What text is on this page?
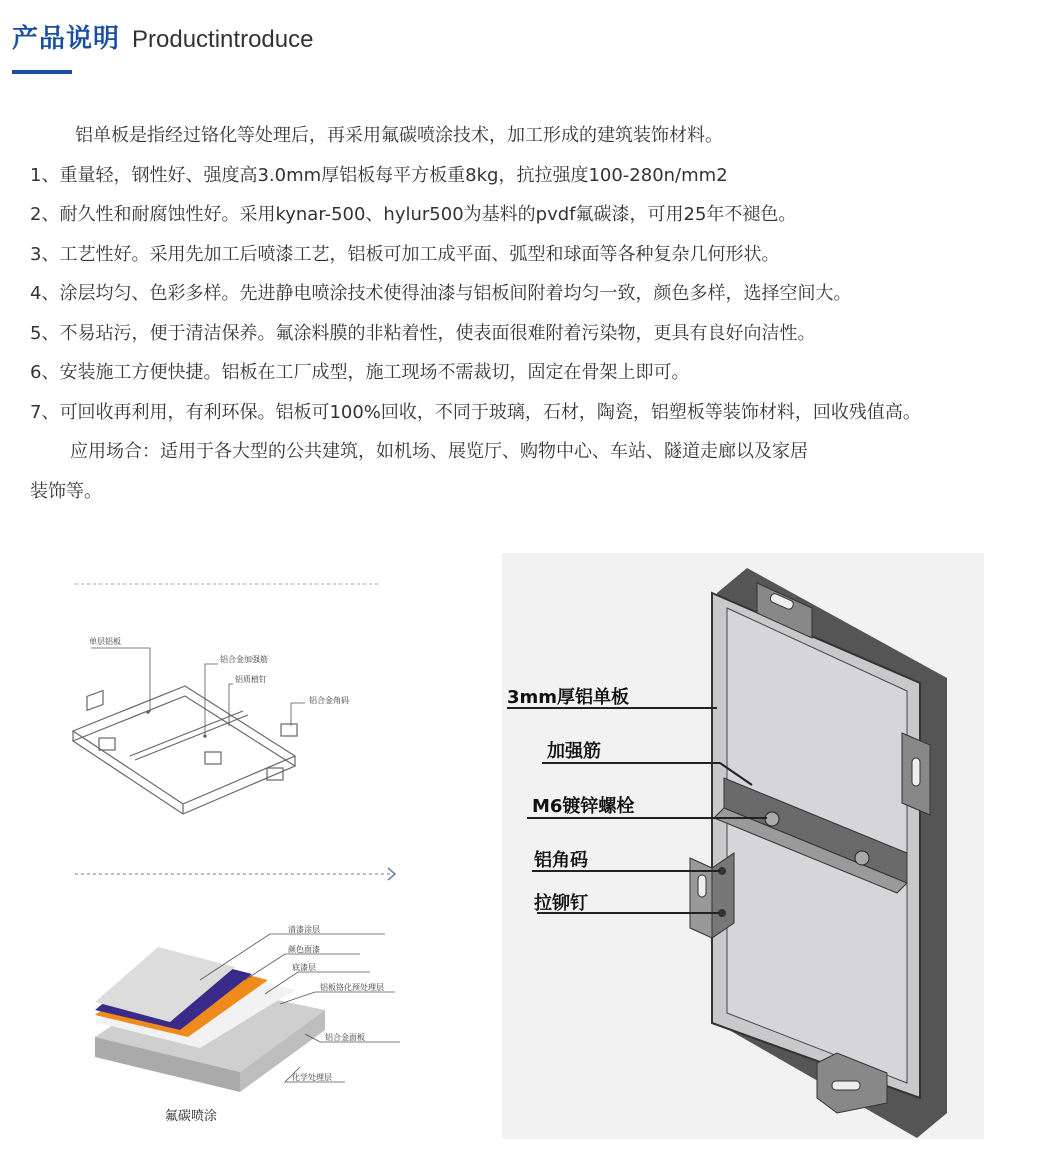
产品说明 Productintroduce

铝单板是指经过铬化等处理后，再采用氟碳喷涂技术，加工形成的建筑装饰材料。

1、重量轻，钢性好、强度高3.0mm厚铝板每平方板重8kg，抗拉强度100-280n/mm2

2、耐久性和耐腐蚀性好。采用kynar-500、hylur500为基料的pvdf氟碳漆，可用25年不褪色。

3、工艺性好。采用先加工后喷漆工艺，铝板可加工成平面、弧型和球面等各种复杂几何形状。

4、涂层均匀、色彩多样。先进静电喷涂技术使得油漆与铝板间附着均匀一致，颜色多样，选择空间大。

5、不易玷污，便于清洁保养。氟涂料膜的非粘着性，使表面很难附着污染物，更具有良好向洁性。

6、安装施工方便快捷。铝板在工厂成型，施工现场不需裁切，固定在骨架上即可。

7、可回收再利用，有利环保。铝板可100%回收，不同于玻璃，石材，陶瓷，铝塑板等装饰材料，回收残值高。

应用场合：适用于各大型的公共建筑，如机场、展览厅、购物中心、车站、隧道走廊以及家居

装饰等。

单层铝板
铝合金加强筋
铝质植钉
铝合金角码
清漆涂层
颜色面漆
底漆层
铝板铬化预处理层
铝合金面板
化学处理层
氟碳喷涂
3mm厚铝单板
加强筋
M6镀锌螺栓
铝角码
拉铆钉
